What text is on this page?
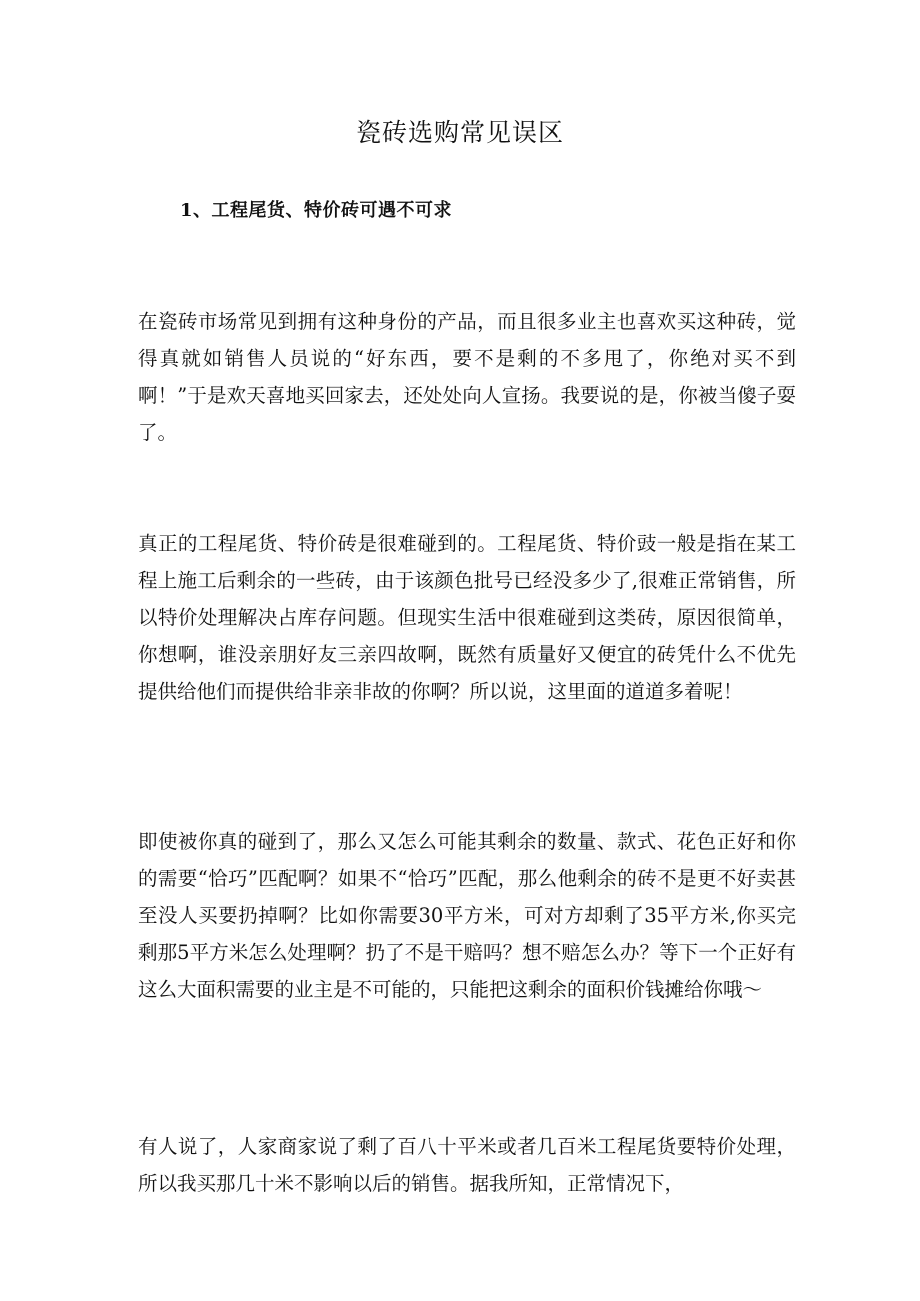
瓷砖选购常见误区
1、工程尾货、特价砖可遇不可求

在瓷砖市场常见到拥有这种身份的产品，而且很多业主也喜欢买这种砖，觉得真就如销售人员说的“好东西，要不是剩的不多甩了，你绝对买不到啊！”于是欢天喜地买回家去，还处处向人宣扬。我要说的是，你被当傻子耍了。

真正的工程尾货、特价砖是很难碰到的。工程尾货、特价豉一般是指在某工程上施工后剩余的一些砖，由于该颜色批号已经没多少了,很难正常销售，所以特价处理解决占库存问题。但现实生活中很难碰到这类砖，原因很简单，你想啊，谁没亲朋好友三亲四故啊，既然有质量好又便宜的砖凭什么不优先提供给他们而提供给非亲非故的你啊？所以说，这里面的道道多着呢！

即使被你真的碰到了，那么又怎么可能其剩余的数量、款式、花色正好和你的需要“恰巧”匹配啊？如果不“恰巧”匹配，那么他剩余的砖不是更不好卖甚至没人买要扔掉啊？比如你需要30平方米，可对方却剩了35平方米,你买完剩那5平方米怎么处理啊？扔了不是干赔吗？想不赔怎么办？等下一个正好有这么大面积需要的业主是不可能的，只能把这剩余的面积价钱摊给你哦～

有人说了，人家商家说了剩了百八十平米或者几百米工程尾货要特价处理，所以我买那几十米不影响以后的销售。据我所知，正常情况下，
